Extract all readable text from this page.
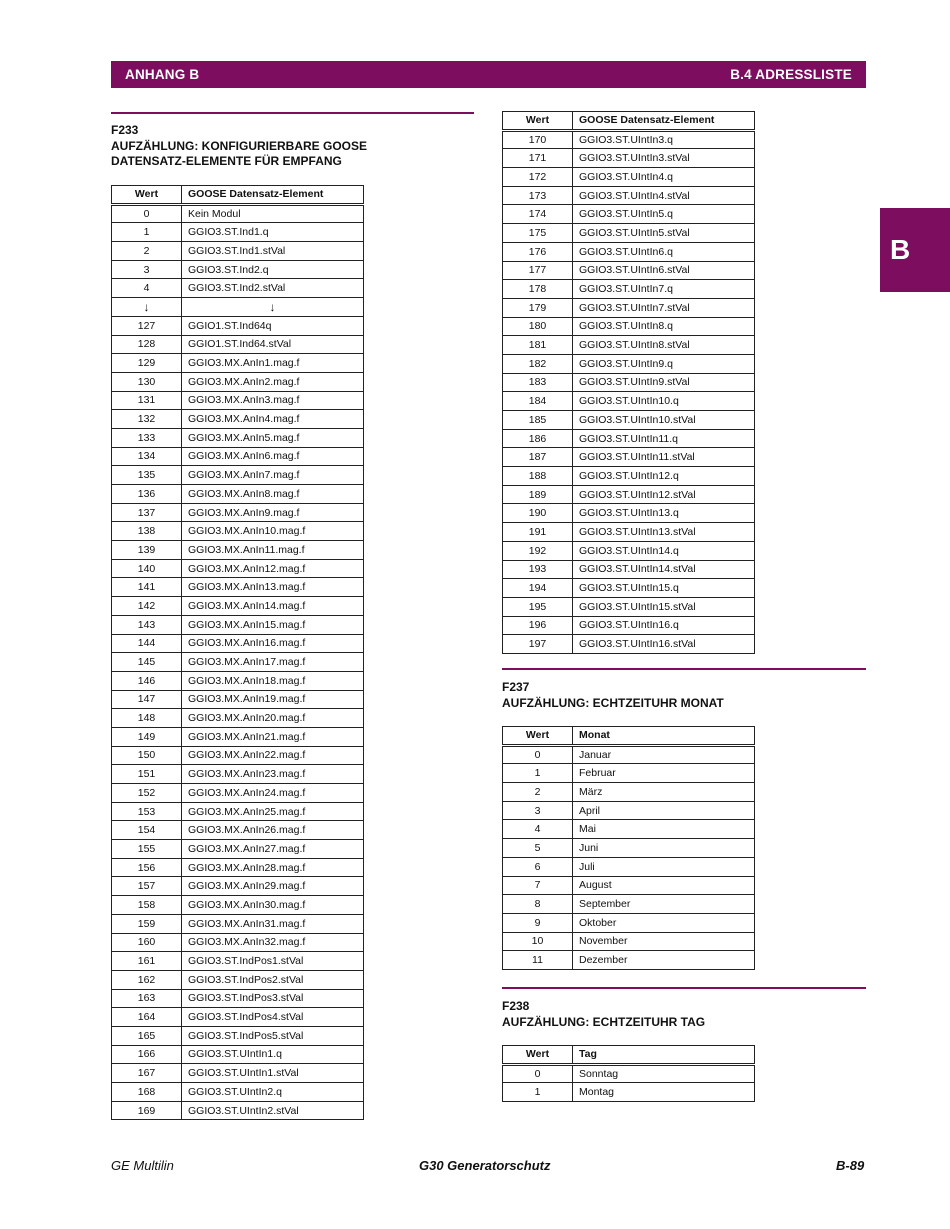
ANHANG B	B.4 ADRESSLISTE
B
F233
AUFZÄHLUNG: KONFIGURIERBARE GOOSE
DATENSATZ-ELEMENTE FÜR EMPFANG
Wert	GOOSE Datensatz-Element
0	Kein Modul
1	GGIO3.ST.Ind1.q
2	GGIO3.ST.Ind1.stVal
3	GGIO3.ST.Ind2.q
4	GGIO3.ST.Ind2.stVal
↓	↓
127	GGIO1.ST.Ind64q
128	GGIO1.ST.Ind64.stVal
129	GGIO3.MX.AnIn1.mag.f
130	GGIO3.MX.AnIn2.mag.f
131	GGIO3.MX.AnIn3.mag.f
132	GGIO3.MX.AnIn4.mag.f
133	GGIO3.MX.AnIn5.mag.f
134	GGIO3.MX.AnIn6.mag.f
135	GGIO3.MX.AnIn7.mag.f
136	GGIO3.MX.AnIn8.mag.f
137	GGIO3.MX.AnIn9.mag.f
138	GGIO3.MX.AnIn10.mag.f
139	GGIO3.MX.AnIn11.mag.f
140	GGIO3.MX.AnIn12.mag.f
141	GGIO3.MX.AnIn13.mag.f
142	GGIO3.MX.AnIn14.mag.f
143	GGIO3.MX.AnIn15.mag.f
144	GGIO3.MX.AnIn16.mag.f
145	GGIO3.MX.AnIn17.mag.f
146	GGIO3.MX.AnIn18.mag.f
147	GGIO3.MX.AnIn19.mag.f
148	GGIO3.MX.AnIn20.mag.f
149	GGIO3.MX.AnIn21.mag.f
150	GGIO3.MX.AnIn22.mag.f
151	GGIO3.MX.AnIn23.mag.f
152	GGIO3.MX.AnIn24.mag.f
153	GGIO3.MX.AnIn25.mag.f
154	GGIO3.MX.AnIn26.mag.f
155	GGIO3.MX.AnIn27.mag.f
156	GGIO3.MX.AnIn28.mag.f
157	GGIO3.MX.AnIn29.mag.f
158	GGIO3.MX.AnIn30.mag.f
159	GGIO3.MX.AnIn31.mag.f
160	GGIO3.MX.AnIn32.mag.f
161	GGIO3.ST.IndPos1.stVal
162	GGIO3.ST.IndPos2.stVal
163	GGIO3.ST.IndPos3.stVal
164	GGIO3.ST.IndPos4.stVal
165	GGIO3.ST.IndPos5.stVal
166	GGIO3.ST.UIntIn1.q
167	GGIO3.ST.UIntIn1.stVal
168	GGIO3.ST.UIntIn2.q
169	GGIO3.ST.UIntIn2.stVal
Wert	GOOSE Datensatz-Element
170	GGIO3.ST.UIntIn3.q
171	GGIO3.ST.UIntIn3.stVal
172	GGIO3.ST.UIntIn4.q
173	GGIO3.ST.UIntIn4.stVal
174	GGIO3.ST.UIntIn5.q
175	GGIO3.ST.UIntIn5.stVal
176	GGIO3.ST.UIntIn6.q
177	GGIO3.ST.UIntIn6.stVal
178	GGIO3.ST.UIntIn7.q
179	GGIO3.ST.UIntIn7.stVal
180	GGIO3.ST.UIntIn8.q
181	GGIO3.ST.UIntIn8.stVal
182	GGIO3.ST.UIntIn9.q
183	GGIO3.ST.UIntIn9.stVal
184	GGIO3.ST.UIntIn10.q
185	GGIO3.ST.UIntIn10.stVal
186	GGIO3.ST.UIntIn11.q
187	GGIO3.ST.UIntIn11.stVal
188	GGIO3.ST.UIntIn12.q
189	GGIO3.ST.UIntIn12.stVal
190	GGIO3.ST.UIntIn13.q
191	GGIO3.ST.UIntIn13.stVal
192	GGIO3.ST.UIntIn14.q
193	GGIO3.ST.UIntIn14.stVal
194	GGIO3.ST.UIntIn15.q
195	GGIO3.ST.UIntIn15.stVal
196	GGIO3.ST.UIntIn16.q
197	GGIO3.ST.UIntIn16.stVal
F237
AUFZÄHLUNG: ECHTZEITUHR MONAT
Wert	Monat
0	Januar
1	Februar
2	März
3	April
4	Mai
5	Juni
6	Juli
7	August
8	September
9	Oktober
10	November
11	Dezember
F238
AUFZÄHLUNG: ECHTZEITUHR TAG
Wert	Tag
0	Sonntag
1	Montag
GE Multilin	G30 Generatorschutz	B-89
